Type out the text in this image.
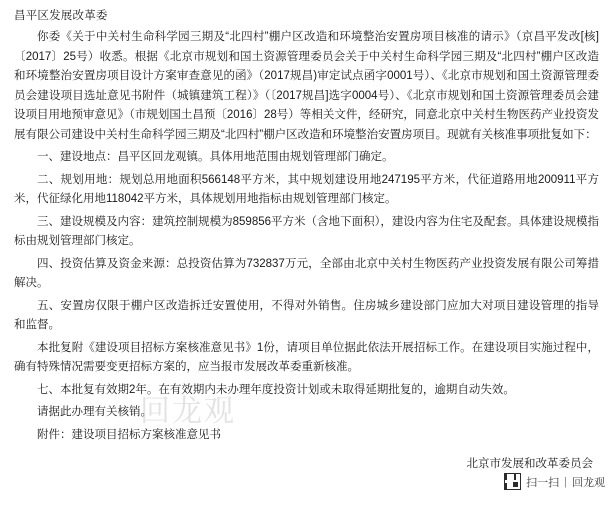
昌平区发展改革委

你委《关于中关村生命科学园三期及“北四村”棚户区改造和环境整治安置房项目核准的请示》（京昌平发改[核]〔2017〕25号）收悉。根据《北京市规划和国土资源管理委员会关于中关村生命科学园三期及“北四村”棚户区改造和环境整治安置房项目设计方案审查意见的函》（2017规昌)审定试点函字0001号）、《北京市规划和国土资源管理委员会建设项目选址意见书附件（城镇建筑工程）》（〔2017规昌]选字0004号）、《北京市规划和国土资源管理委员会建设项目用地预审意见》（市规划国土昌预〔2016〕28号）等相关文件，经研究，同意北京中关村生物医药产业投资发展有限公司建设中关村生命科学园三期及“北四村”棚户区改造和环境整治安置房项目。现就有关核准事项批复如下：

一、建设地点：昌平区回龙观镇。具体用地范围由规划管理部门确定。

二、规划用地：规划总用地面积566148平方米，其中规划建设用地247195平方米，代征道路用地200911平方米，代征绿化用地118042平方米，具体规划用地指标由规划管理部门核定。

三、建设规模及内容：建筑控制规模为859856平方米（含地下面积），建设内容为住宅及配套。具体建设规模指标由规划管理部门核定。

四、投资估算及资金来源：总投资估算为732837万元，全部由北京中关村生物医药产业投资发展有限公司筹措解决。

五、安置房仅限于棚户区改造拆迁安置使用，不得对外销售。住房城乡建设部门应加大对项目建设管理的指导和监督。

本批复附《建设项目招标方案核准意见书》1份，请项目单位据此依法开展招标工作。在建设项目实施过程中，确有特殊情况需要变更招标方案的，应当报市发展改革委重新核准。

七、本批复有效期2年。在有效期内未办理年度投资计划或未取得延期批复的，逾期自动失效。

请据此办理有关核销。

附件：建设项目招标方案核准意见书

北京市发展和改革委员会
回龙观
扫一扫 | 回龙观
